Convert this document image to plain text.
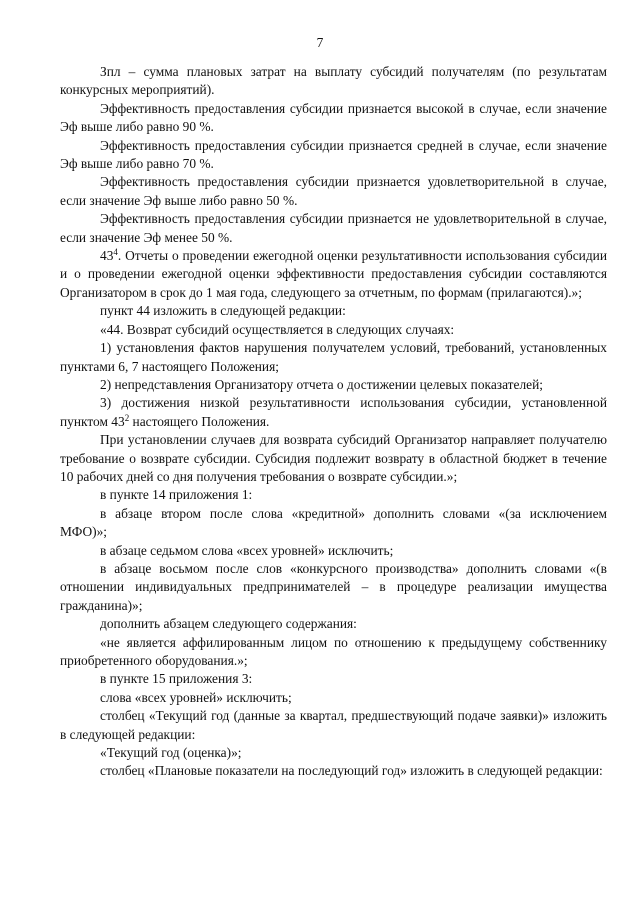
7

Зпл – сумма плановых затрат на выплату субсидий получателям (по результатам конкурсных мероприятий).

Эффективность предоставления субсидии признается высокой в случае, если значение Эф выше либо равно 90 %.

Эффективность предоставления субсидии признается средней в случае, если значение Эф выше либо равно 70 %.

Эффективность предоставления субсидии признается удовлетворительной в случае, если значение Эф выше либо равно 50 %.

Эффективность предоставления субсидии признается не удовлетворительной в случае, если значение Эф менее 50 %.

$43^4$. Отчеты о проведении ежегодной оценки результативности использования субсидии и о проведении ежегодной оценки эффективности предоставления субсидии составляются Организатором в срок до 1 мая года, следующего за отчетным, по формам (прилагаются).»;

пункт 44 изложить в следующей редакции:

«44. Возврат субсидий осуществляется в следующих случаях:

1) установления фактов нарушения получателем условий, требований, установленных пунктами 6, 7 настоящего Положения;

2) непредставления Организатору отчета о достижении целевых показателей;

3) достижения низкой результативности использования субсидии, установленной пунктом $43^2$ настоящего Положения.

При установлении случаев для возврата субсидий Организатор направляет получателю требование о возврате субсидии. Субсидия подлежит возврату в областной бюджет в течение 10 рабочих дней со дня получения требования о возврате субсидии.»;

в пункте 14 приложения 1:

в абзаце втором после слова «кредитной» дополнить словами «(за исключением МФО)»;

в абзаце седьмом слова «всех уровней» исключить;

в абзаце восьмом после слов «конкурсного производства» дополнить словами «(в отношении индивидуальных предпринимателей – в процедуре реализации имущества гражданина)»;

дополнить абзацем следующего содержания:

«не является аффилированным лицом по отношению к предыдущему собственнику приобретенного оборудования.»;

в пункте 15 приложения 3:

слова «всех уровней» исключить;

столбец «Текущий год (данные за квартал, предшествующий подаче заявки)» изложить в следующей редакции:

«Текущий год (оценка)»;

столбец «Плановые показатели на последующий год» изложить в следующей редакции:
